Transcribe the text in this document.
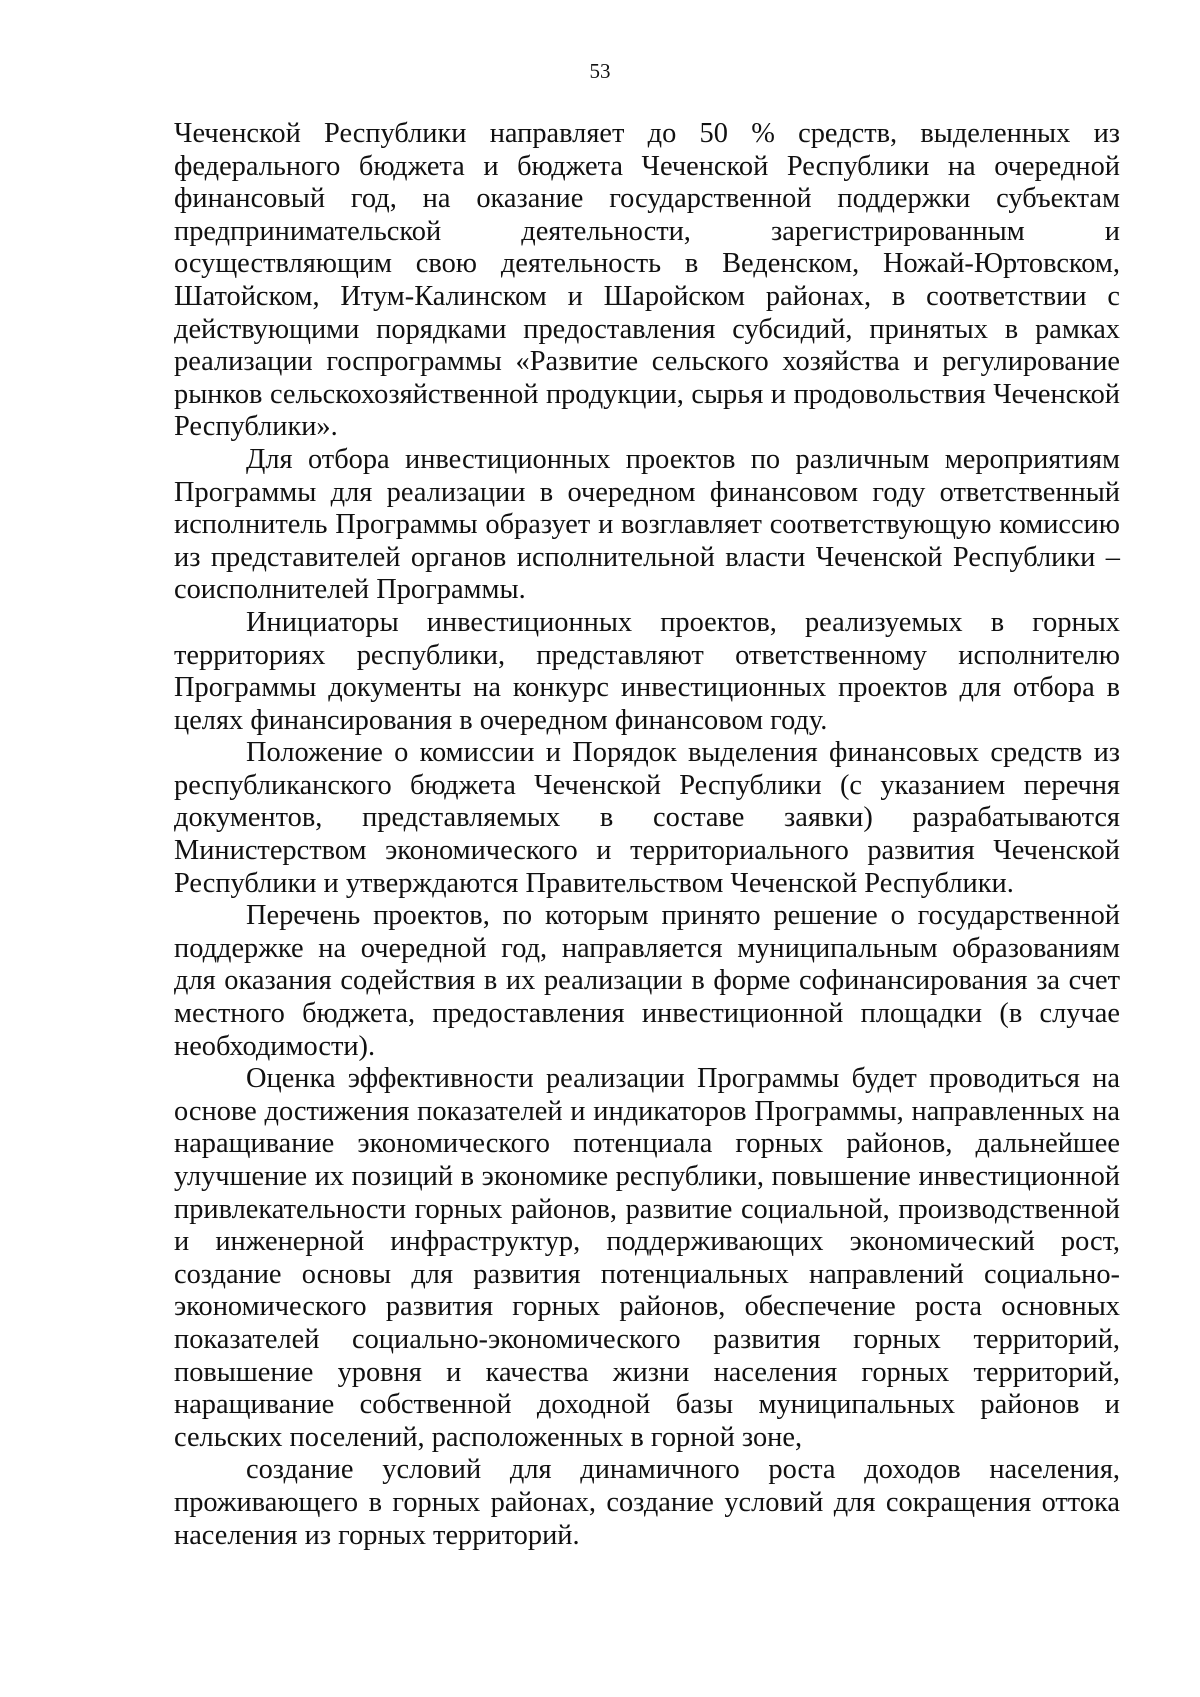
53

Чеченской Республики направляет до 50 % средств, выделенных из федерального бюджета и бюджета Чеченской Республики на очередной финансовый год, на оказание государственной поддержки субъектам предпринимательской деятельности, зарегистрированным и осуществляющим свою деятельность в Веденском, Ножай-Юртовском, Шатойском, Итум-Калинском и Шаройском районах, в соответствии с действующими порядками предоставления субсидий, принятых в рамках реализации госпрограммы «Развитие сельского хозяйства и регулирование рынков сельскохозяйственной продукции, сырья и продовольствия Чеченской Республики».

Для отбора инвестиционных проектов по различным мероприятиям Программы для реализации в очередном финансовом году ответственный исполнитель Программы образует и возглавляет соответствующую комиссию из представителей органов исполнительной власти Чеченской Республики – соисполнителей Программы.

Инициаторы инвестиционных проектов, реализуемых в горных территориях республики, представляют ответственному исполнителю Программы документы на конкурс инвестиционных проектов для отбора в целях финансирования в очередном финансовом году.

Положение о комиссии и Порядок выделения финансовых средств из республиканского бюджета Чеченской Республики (с указанием перечня документов, представляемых в составе заявки) разрабатываются Министерством экономического и территориального развития Чеченской Республики и утверждаются Правительством Чеченской Республики.

Перечень проектов, по которым принято решение о государственной поддержке на очередной год, направляется муниципальным образованиям для оказания содействия в их реализации в форме софинансирования за счет местного бюджета, предоставления инвестиционной площадки (в случае необходимости).

Оценка эффективности реализации Программы будет проводиться на основе достижения показателей и индикаторов Программы, направленных на наращивание экономического потенциала горных районов, дальнейшее улучшение их позиций в экономике республики, повышение инвестиционной привлекательности горных районов, развитие социальной, производственной и инженерной инфраструктур, поддерживающих экономический рост, создание основы для развития потенциальных направлений социально-экономического развития горных районов, обеспечение роста основных показателей социально-экономического развития горных территорий, повышение уровня и качества жизни населения горных территорий, наращивание собственной доходной базы муниципальных районов и сельских поселений, расположенных в горной зоне,

создание условий для динамичного роста доходов населения, проживающего в горных районах, создание условий для сокращения оттока населения из горных территорий.
